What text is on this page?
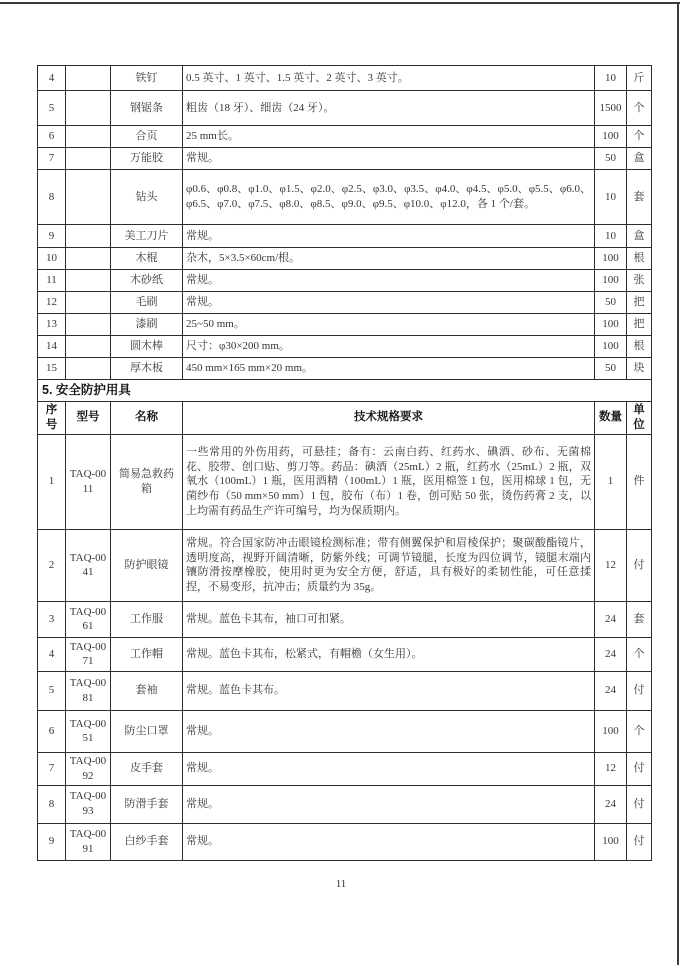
4		铁钉	0.5 英寸、1 英寸、1.5 英寸、2 英寸、3 英寸。	10	斤
5		钢锯条	粗齿（18 牙）、细齿（24 牙）。	1500	个
6		合页	25 mm长。	100	个
7		万能胶	常规。	50	盒
8		钻头	φ0.6、φ0.8、φ1.0、φ1.5、φ2.0、φ2.5、φ3.0、φ3.5、φ4.0、φ4.5、φ5.0、φ5.5、φ6.0、φ6.5、φ7.0、φ7.5、φ8.0、φ8.5、φ9.0、φ9.5、φ10.0、φ12.0，各 1 个/套。	10	套
9		美工刀片	常规。	10	盒
10		木棍	杂木，5×3.5×60cm/根。	100	根
11		木砂纸	常规。	100	张
12		毛刷	常规。	50	把
13		漆刷	25~50 mm。	100	把
14		圆木棒	尺寸：φ30×200 mm。	100	根
15		厚木板	450 mm×165 mm×20 mm。	50	块
5. 安全防护用具					
序号	型号	名称	技术规格要求	数量	单位
1	TAQ-0011	简易急救药箱	一些常用的外伤用药，可悬挂；备有：云南白药、红药水、碘酒、砂布、无菌棉花、胶带、创口贴、剪刀等。药品：碘酒（25mL）2 瓶，红药水（25mL）2 瓶，双氧水（100mL）1 瓶，医用酒精（100mL）1 瓶，医用棉签 1 包，医用棉球 1 包，无菌纱布（50 mm×50 mm）1 包，胶布（布）1 卷，创可贴 50 张，烫伤药膏 2 支，以上均需有药品生产许可编号，均为保质期内。	1	件
2	TAQ-0041	防护眼镜	常规。符合国家防冲击眼镜检测标准；带有侧翼保护和眉棱保护；聚碳酸酯镜片，透明度高，视野开阔清晰，防紫外线；可调节镜腿，长度为四位调节，镜腿末端内镶防滑按摩橡胶，使用时更为安全方便，舒适，具有极好的柔韧性能，可任意揉捏，不易变形，抗冲击；质量约为 35g。	12	付
3	TAQ-0061	工作服	常规。蓝色卡其布，袖口可扣紧。	24	套
4	TAQ-0071	工作帽	常规。蓝色卡其布，松紧式，有帽檐（女生用）。	24	个
5	TAQ-0081	套袖	常规。蓝色卡其布。	24	付
6	TAQ-0051	防尘口罩	常规。	100	个
7	TAQ-0092	皮手套	常规。	12	付
8	TAQ-0093	防滑手套	常规。	24	付
9	TAQ-0091	白纱手套	常规。	100	付
11
